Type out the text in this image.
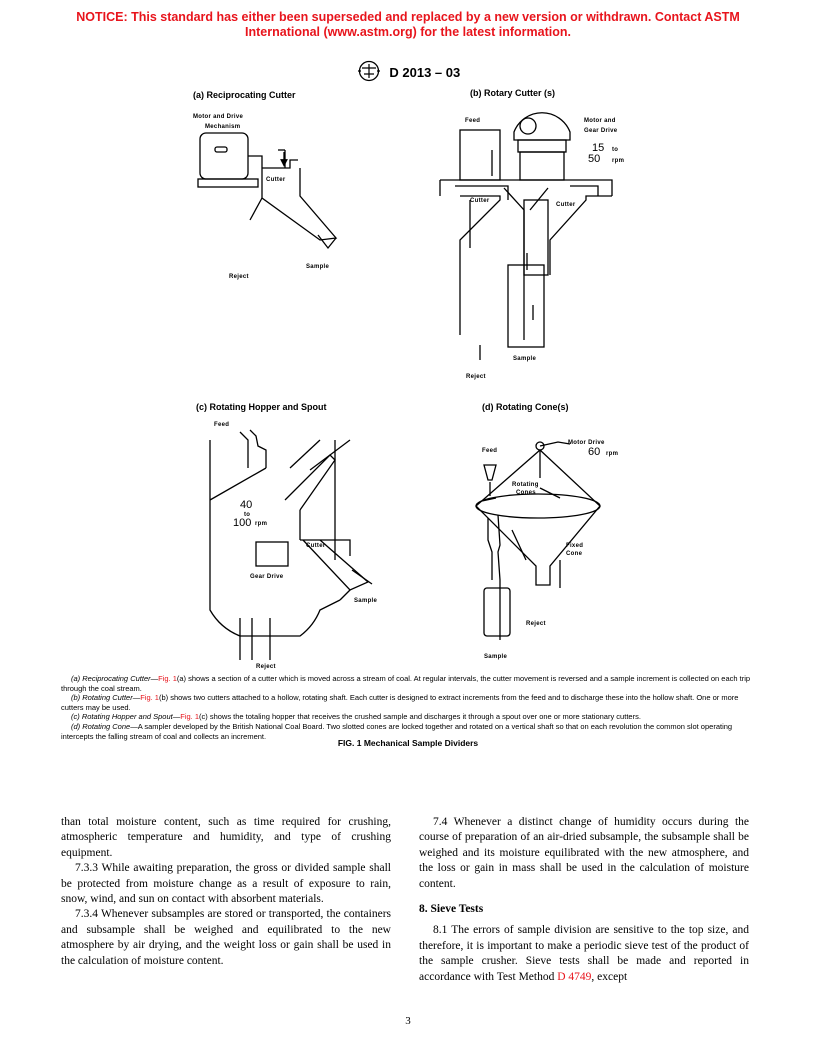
NOTICE: This standard has either been superseded and replaced by a new version or withdrawn. Contact ASTM International (www.astm.org) for the latest information.
D 2013 – 03
(a) Reciprocating Cutter
Motor and Drive
Mechanism
Cutter
Reject
Sample
(b) Rotary Cutter (s)
Feed	Motor and
Gear Drive
15 to
50 rpm
Cutter
Cutter
Sample
Reject
(c) Rotating Hopper and Spout
Feed
40
to
100 rpm
Gear Drive
Cutter
Sample
Reject
(d) Rotating Cone(s)
Motor Drive
60 rpm
Feed
Rotating
Cones
Fixed
Cone
Reject
Sample

(a) Reciprocating Cutter—Fig. 1(a) shows a section of a cutter which is moved across a stream of coal. At regular intervals, the cutter movement is reversed and a sample increment is collected on each trip through the coal stream.

(b) Rotating Cutter—Fig. 1(b) shows two cutters attached to a hollow, rotating shaft. Each cutter is designed to extract increments from the feed and to discharge these into the hollow shaft. One or more cutters may be used.

(c) Rotating Hopper and Spout—Fig. 1(c) shows the totaling hopper that receives the crushed sample and discharges it through a spout over one or more stationary cutters.

(d) Rotating Cone—A sampler developed by the British National Coal Board. Two slotted cones are locked together and rotated on a vertical shaft so that on each revolution the common slot operating intercepts the falling stream of coal and collects an increment.

FIG. 1 Mechanical Sample Dividers

than total moisture content, such as time required for crushing, atmospheric temperature and humidity, and type of crushing equipment.

7.3.3 While awaiting preparation, the gross or divided sample shall be protected from moisture change as a result of exposure to rain, snow, wind, and sun on contact with absorbent materials.

7.3.4 Whenever subsamples are stored or transported, the containers and subsample shall be weighed and equilibrated to the new atmosphere by air drying, and the weight loss or gain shall be used in the calculation of moisture content.

7.4 Whenever a distinct change of humidity occurs during the course of preparation of an air-dried subsample, the subsample shall be weighed and its moisture equilibrated with the new atmosphere, and the loss or gain in mass shall be used in the calculation of moisture content.

8. Sieve Tests

8.1 The errors of sample division are sensitive to the top size, and therefore, it is important to make a periodic sieve test of the product of the sample crusher. Sieve tests shall be made and reported in accordance with Test Method D 4749, except

3
